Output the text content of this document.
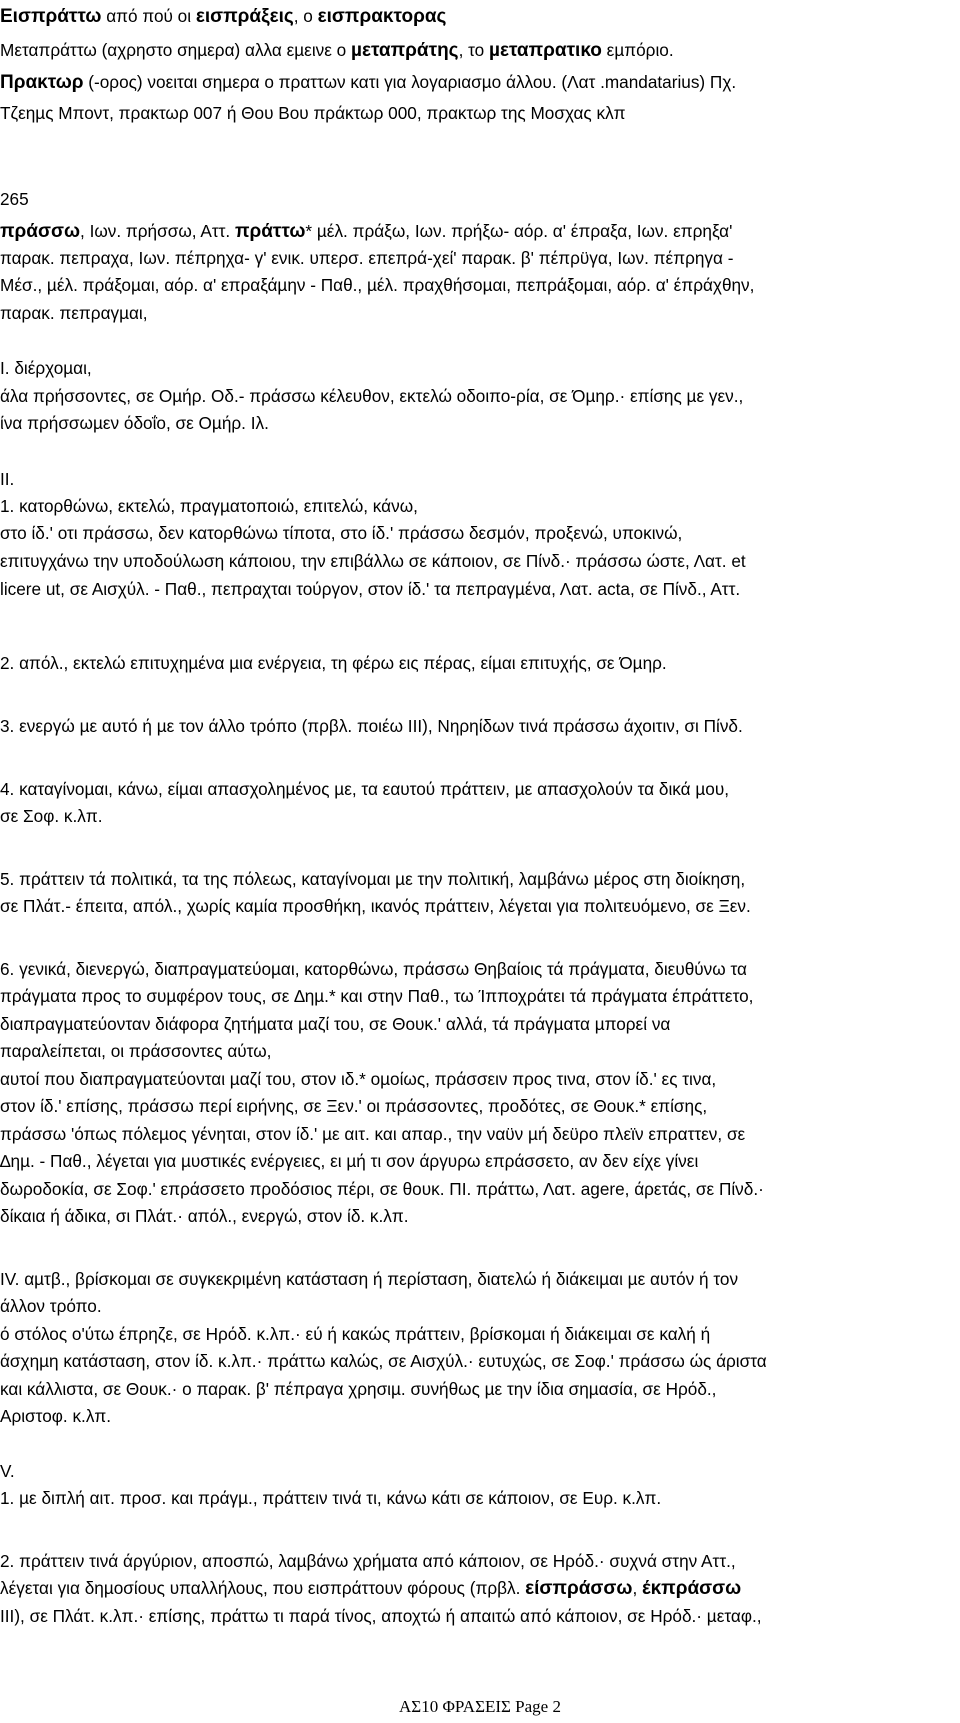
Εισπράττω από πού οι εισπράξεις, ο εισπρακτορας
Μεταπράττω (αχρηστο σηµερα) αλλα εµεινε ο µεταπράτης, το µεταπρατικο εµπόριο.
Πρακτωρ (-ορος) νοειται σηµερα ο πραττων κατι για λογαριασµο άλλου. (Λατ .mandatarius) Πχ.
Τζεηµς Μποντ, πρακτωρ 007 ή Θου Βου πράκτωρ 000, πρακτωρ της Μοσχας κλπ
265
πράσσω, Ιων. πρήσσω, Αττ. πράττω* µέλ. πράξω, Ιων. πρήξω- αόρ. α' έπραξα, Ιων. επρηξα'
παρακ. πεπραχα, Ιων. πέπρηχα- γ' ενικ. υπερσ. επεπρά-χεί' παρακ. β' πέπρϋγα, Ιων. πέπρηγα -
Μέσ., µέλ. πράξοµαι, αόρ. α' επραξάµην - Παθ., µέλ. πραχθήσοµαι, πεπράξοµαι, αόρ. α' έπράχθην,
παρακ. πεπραγµαι,
Ι. διέρχοµαι,
άλα πρήσσοντες, σε Οµήρ. Οδ.- πράσσω κέλευθον, εκτελώ οδοιπο-ρία, σε Όµηρ.· επίσης µε γεν.,
ίνα πρήσσωµεν όδοΐο, σε Οµήρ. Ιλ.
ΙΙ.
1. κατορθώνω, εκτελώ, πραγµατοποιώ, επιτελώ, κάνω,
στο ίδ.' οτι πράσσω, δεν κατορθώνω τίποτα, στο ίδ.' πράσσω δεσµόν, προξενώ, υποκινώ,
επιτυγχάνω την υποδούλωση κάποιου, την επιβάλλω σε κάποιον, σε Πίνδ.· πράσσω ώστε, Λατ. et
licere ut, σε Αισχύλ. - Παθ., πεπραχται τούργον, στον ίδ.' τα πεπραγµένα, Λατ. acta, σε Πίνδ., Αττ.
2. απόλ., εκτελώ επιτυχηµένα µια ενέργεια, τη φέρω εις πέρας, είµαι επιτυχής, σε Όµηρ.
3. ενεργώ µε αυτό ή µε τον άλλο τρόπο (πρβλ. ποιέω ΙΙΙ), Νηρηίδων τινά πράσσω άχοιτιν, σι Πίνδ.
4. καταγίνοµαι, κάνω, είµαι απασχοληµένος µε, τα εαυτού πράττειν, µε απασχολούν τα δικά µου,
σε Σοφ. κ.λπ.
5. πράττειν τά πολιτικά, τα της πόλεως, καταγίνοµαι µε την πολιτική, λαµβάνω µέρος στη διοίκηση,
σε Πλάτ.- έπειτα, απόλ., χωρίς καµία προσθήκη, ικανός πράττειν, λέγεται για πολιτευόµενο, σε Ξεν.
6. γενικά, διενεργώ, διαπραγµατεύοµαι, κατορθώνω, πράσσω Θηβαίοις τά πράγµατα, διευθύνω τα
πράγµατα προς το συµφέρον τους, σε ∆ηµ.* και στην Παθ., τω Ίπποχράτει τά πράγµατα έπράττετο,
διαπραγµατεύονταν διάφορα ζητήµατα µαζί του, σε Θουκ.' αλλά, τά πράγµατα µπορεί να
παραλείπεται, οι πράσσοντες αύτω,
αυτοί που διαπραγµατεύονται µαζί του, στον ιδ.* οµοίως, πράσσειν προς τινα, στον ίδ.' ες τινα,
στον ίδ.' επίσης, πράσσω περί ειρήνης, σε Ξεν.' οι πράσσοντες, προδότες, σε Θουκ.* επίσης,
πράσσω 'όπως πόλεµος γένηται, στον ίδ.' µε αιτ. και απαρ., την ναϋν µή δεϋρο πλεϊν επραττεν, σε
∆ηµ. - Παθ., λέγεται για µυστικές ενέργειες, ει µή τι σον άργυρω επράσσετο, αν δεν είχε γίνει
δωροδοκία, σε Σοφ.' επράσσετο προδόσιος πέρι, σε θουκ. ΠΙ. πράττω, Λατ. agere, άρετάς, σε Πίνδ.·
δίκαια ή άδικα, σι Πλάτ.· απόλ., ενεργώ, στον ίδ. κ.λπ.
IV. αµτβ., βρίσκοµαι σε συγκεκριµένη κατάσταση ή περίσταση, διατελώ ή διάκειµαι µε αυτόν ή τον
άλλον τρόπο.
ό στόλος ο'ύτω έπρηζε, σε Ηρόδ. κ.λπ.· εύ ή κακώς πράττειν, βρίσκοµαι ή διάκειµαι σε καλή ή
άσχηµη κατάσταση, στον ίδ. κ.λπ.· πράττω καλώς, σε Αισχύλ.· ευτυχώς, σε Σοφ.' πράσσω ώς άριστα
και κάλλιστα, σε Θουκ.· ο παρακ. β' πέπραγα χρησιµ. συνήθως µε την ίδια σηµασία, σε Ηρόδ.,
Αριστοφ. κ.λπ.
V.
1. µε διπλή αιτ. προσ. και πράγµ., πράττειν τινά τι, κάνω κάτι σε κάποιον, σε Ευρ. κ.λπ.
2. πράττειν τινά άργύριον, αποσπώ, λαµβάνω χρήµατα από κάποιον, σε Ηρόδ.· συχνά στην Αττ.,
λέγεται για δηµοσίους υπαλλήλους, που εισπράττουν φόρους (πρβλ. είσπράσσω, έκπράσσω
III), σε Πλάτ. κ.λπ.· επίσης, πράττω τι παρά τίνος, αποχτώ ή απαιτώ από κάποιον, σε Ηρόδ.· µεταφ.,
ΑΣ10 ΦΡΑΣΕΙΣ Page 2
